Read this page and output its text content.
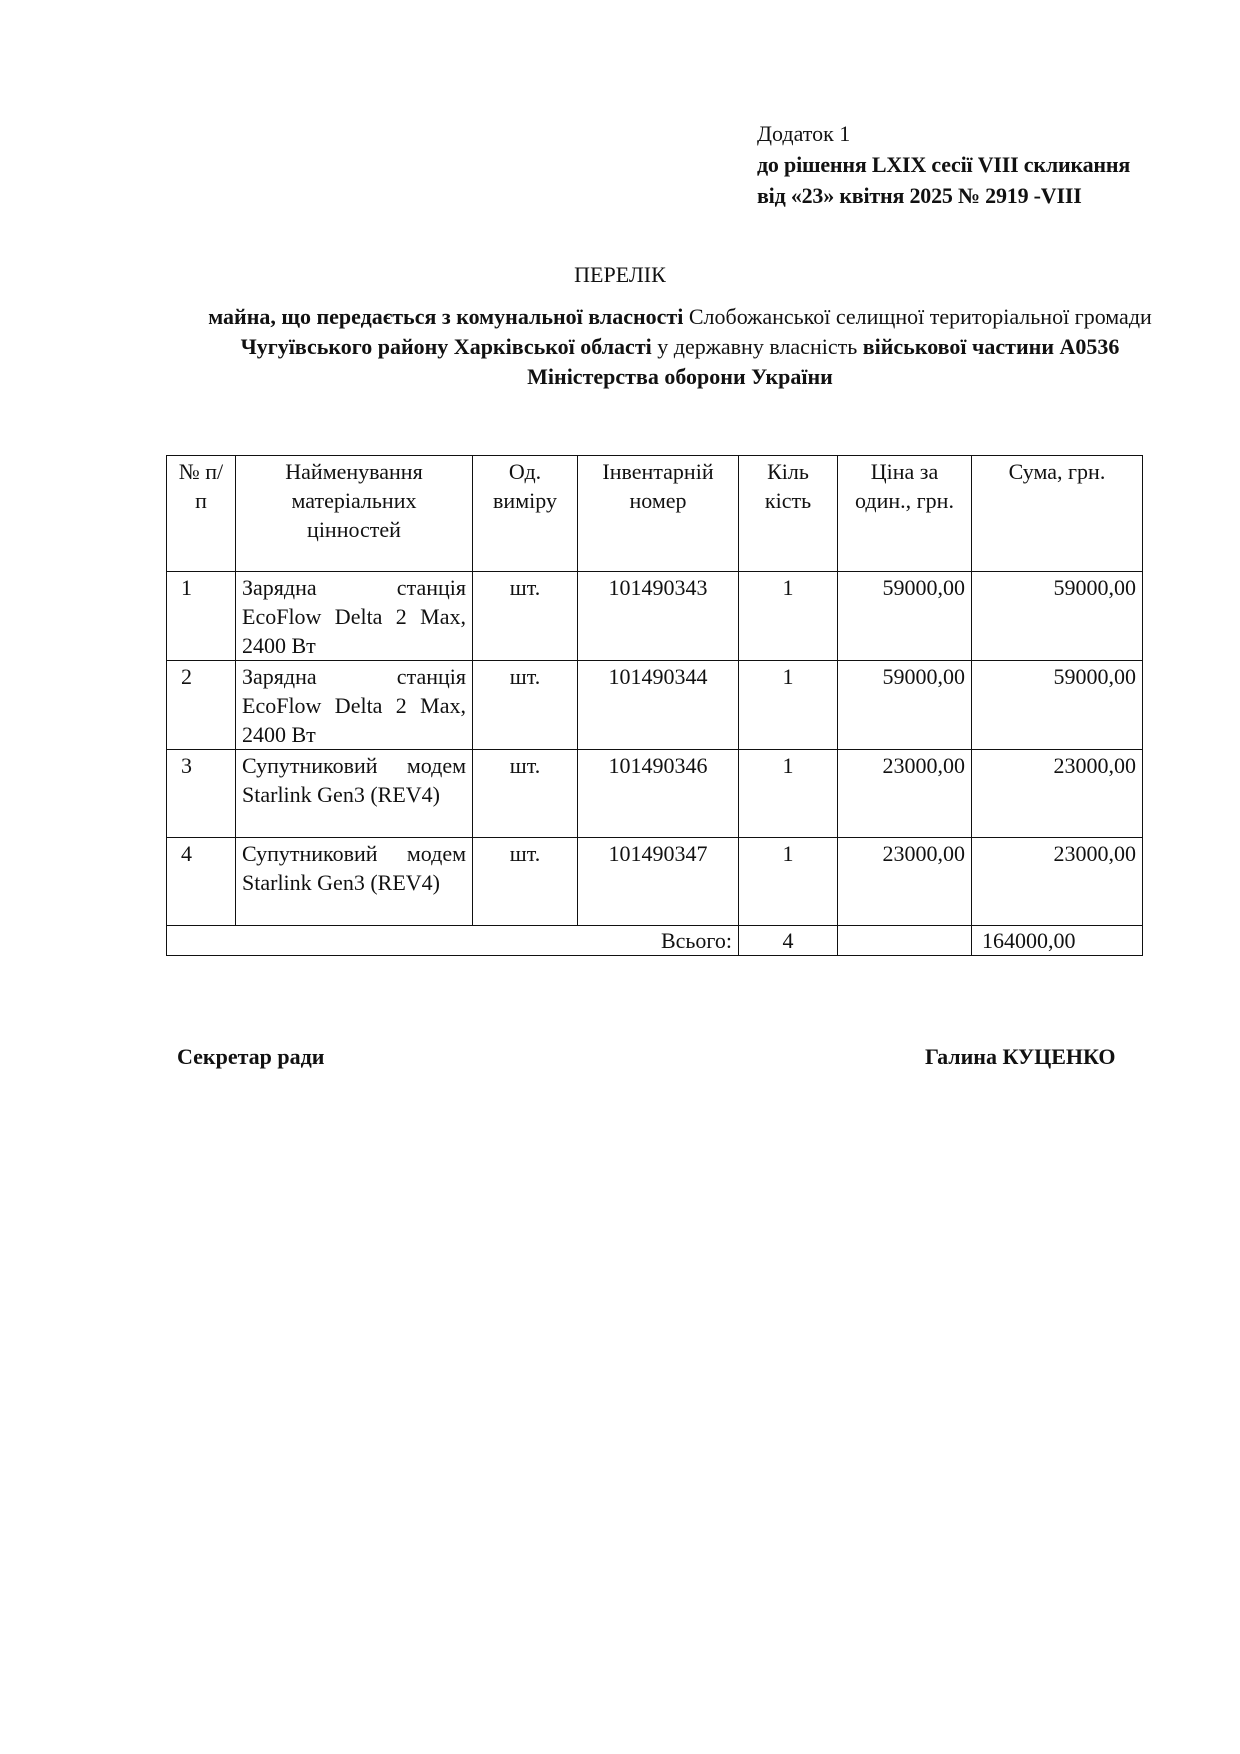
Додаток 1
до рішення LXIX сесії VIII скликання
від «23» квітня 2025 № 2919 -VIII
ПЕРЕЛІК
майна, що передається з комунальної власності Слобожанської селищної територіальної громади Чугуївського району Харківської області у державну власність військової частини А0536 Міністерства оборони України
№ п/п	Найменування матеріальних цінностей	Од. виміру	Інвентарній номер	Кіль кість	Ціна за один., грн.	Сума, грн.
1	Зарядна станція EcoFlow Delta 2 Max, 2400 Вт	шт.	101490343	1	59000,00	59000,00
2	Зарядна станція EcoFlow Delta 2 Max, 2400 Вт	шт.	101490344	1	59000,00	59000,00
3	Супутниковий модем Starlink Gen3 (REV4)	шт.	101490346	1	23000,00	23000,00
4	Супутниковий модем Starlink Gen3 (REV4)	шт.	101490347	1	23000,00	23000,00
Всього:				4		164000,00
Секретар ради	Галина КУЦЕНКО
